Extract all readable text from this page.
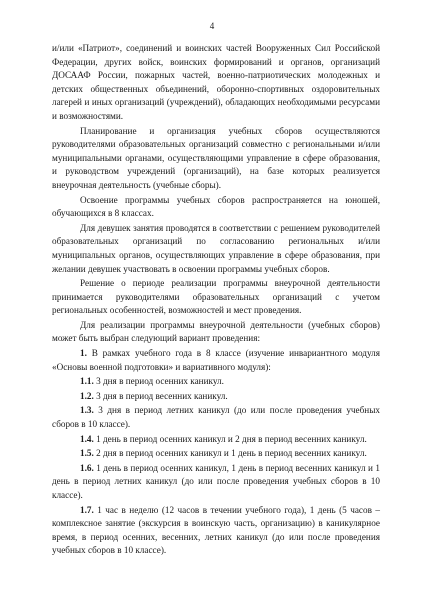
4

и/или «Патриот», соединений и воинских частей Вооруженных Сил Российской Федерации, других войск, воинских формирований и органов, организаций ДОСААФ России, пожарных частей, военно-патриотических молодежных и детских общественных объединений, оборонно-спортивных оздоровительных лагерей и иных организаций (учреждений), обладающих необходимыми ресурсами и возможностями.

Планирование и организация учебных сборов осуществляются руководителями образовательных организаций совместно с региональными и/или муниципальными органами, осуществляющими управление в сфере образования, и руководством учреждений (организаций), на базе которых реализуется внеурочная деятельность (учебные сборы).

Освоение программы учебных сборов распространяется на юношей, обучающихся в 8 классах.

Для девушек занятия проводятся в соответствии с решением руководителей образовательных организаций по согласованию региональных и/или муниципальных органов, осуществляющих управление в сфере образования, при желании девушек участвовать в освоении программы учебных сборов.

Решение о периоде реализации программы внеурочной деятельности принимается руководителями образовательных организаций с учетом региональных особенностей, возможностей и мест проведения.

Для реализации программы внеурочной деятельности (учебных сборов) может быть выбран следующий вариант проведения:

1. В рамках учебного года в 8 классе (изучение инвариантного модуля «Основы военной подготовки» и вариативного модуля):

1.1. 3 дня в период осенних каникул.

1.2. 3 дня в период весенних каникул.

1.3. 3 дня в период летних каникул (до или после проведения учебных сборов в 10 классе).

1.4. 1 день в период осенних каникул и 2 дня в период весенних каникул.

1.5. 2 дня в период осенних каникул и 1 день в период весенних каникул.

1.6. 1 день в период осенних каникул, 1 день в период весенних каникул и 1 день в период летних каникул (до или после проведения учебных сборов в 10 классе).

1.7. 1 час в неделю (12 часов в течении учебного года), 1 день (5 часов – комплексное занятие (экскурсия в воинскую часть, организацию) в каникулярное время, в период осенних, весенних, летних каникул (до или после проведения учебных сборов в 10 классе).
